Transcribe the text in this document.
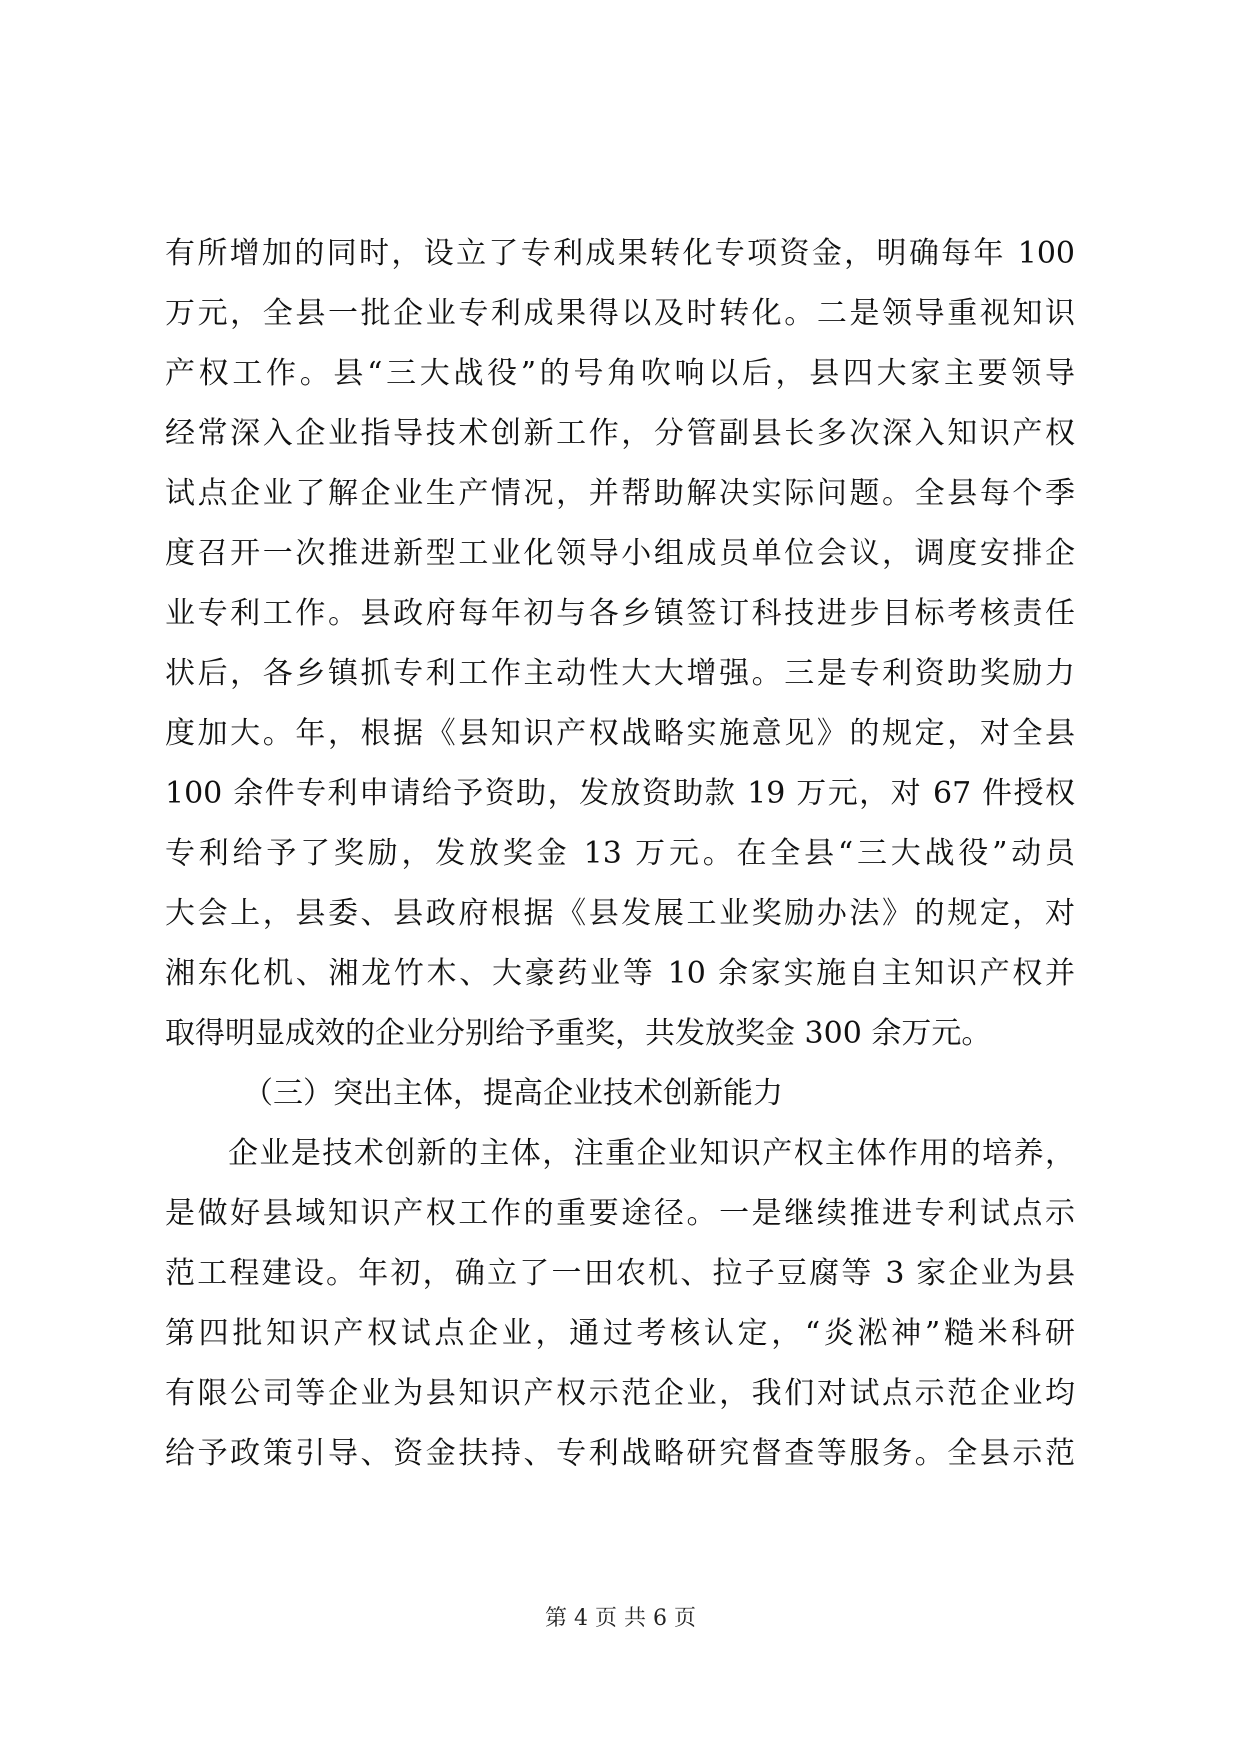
有所增加的同时，设立了专利成果转化专项资金，明确每年 100
万元，全县一批企业专利成果得以及时转化。二是领导重视知识
产权工作。县“三大战役”的号角吹响以后，县四大家主要领导
经常深入企业指导技术创新工作，分管副县长多次深入知识产权
试点企业了解企业生产情况，并帮助解决实际问题。全县每个季
度召开一次推进新型工业化领导小组成员单位会议，调度安排企
业专利工作。县政府每年初与各乡镇签订科技进步目标考核责任
状后，各乡镇抓专利工作主动性大大增强。三是专利资助奖励力
度加大。年，根据《县知识产权战略实施意见》的规定，对全县
100 余件专利申请给予资助，发放资助款 19 万元，对 67 件授权
专利给予了奖励，发放奖金 13 万元。在全县“三大战役”动员
大会上，县委、县政府根据《县发展工业奖励办法》的规定，对
湘东化机、湘龙竹木、大豪药业等 10 余家实施自主知识产权并
取得明显成效的企业分别给予重奖，共发放奖金 300 余万元。
（三）突出主体，提高企业技术创新能力
企业是技术创新的主体，注重企业知识产权主体作用的培养，
是做好县域知识产权工作的重要途径。一是继续推进专利试点示
范工程建设。年初，确立了一田农机、拉子豆腐等 3 家企业为县
第四批知识产权试点企业，通过考核认定，“炎淞神”糙米科研
有限公司等企业为县知识产权示范企业，我们对试点示范企业均
给予政策引导、资金扶持、专利战略研究督查等服务。全县示范
第 4 页 共 6 页
